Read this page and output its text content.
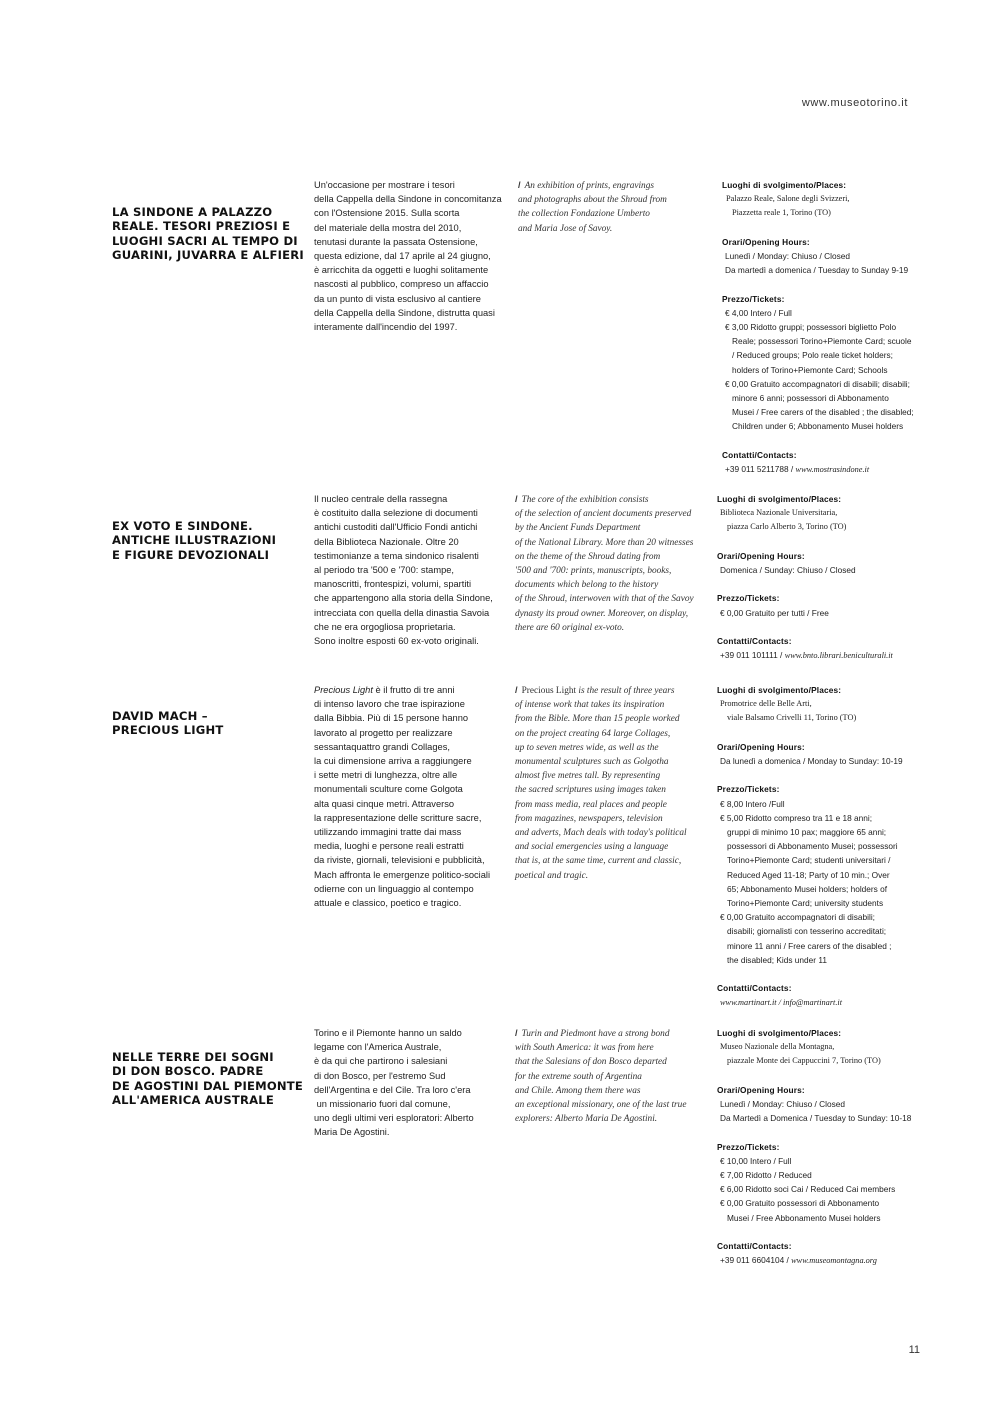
www.museotorino.it
LA SINDONE A PALAZZO
REALE. TESORI PREZIOSI E
LUOGHI SACRI AL TEMPO DI
GUARINI, JUVARRA E ALFIERI
Un'occasione per mostrare i tesori
della Cappella della Sindone in concomitanza
con l'Ostensione 2015. Sulla scorta
del materiale della mostra del 2010,
tenutasi durante la passata Ostensione,
questa edizione, dal 17 aprile al 24 giugno,
è arricchita da oggetti e luoghi solitamente
nascosti al pubblico, compreso un affaccio
da un punto di vista esclusivo al cantiere
della Cappella della Sindone, distrutta quasi
interamente dall'incendio del 1997.
/ An exhibition of prints, engravings
and photographs about the Shroud from
the collection Fondazione Umberto
and Maria Jose of Savoy.
Luoghi di svolgimento/Places:
Palazzo Reale, Salone degli Svizzeri,
Piazzetta reale 1, Torino (TO)
Orari/Opening Hours:
Lunedì / Monday: Chiuso / Closed
Da martedì a domenica / Tuesday to Sunday 9-19
Prezzo/Tickets:
€ 4,00 Intero / Full
€ 3,00 Ridotto gruppi; possessori biglietto Polo
Reale; possessori Torino+Piemonte Card; scuole
/ Reduced groups; Polo reale ticket holders;
holders of Torino+Piemonte Card; Schools
€ 0,00 Gratuito accompagnatori di disabili; disabili;
minore 6 anni; possessori di Abbonamento
Musei / Free carers of the disabled ; the disabled;
Children under 6; Abbonamento Musei holders
Contatti/Contacts:
+39 011 5211788 / www.mostrasindone.it
EX VOTO E SINDONE.
ANTICHE ILLUSTRAZIONI
E FIGURE DEVOZIONALI
Il nucleo centrale della rassegna
è costituito dalla selezione di documenti
antichi custoditi dall'Ufficio Fondi antichi
della Biblioteca Nazionale. Oltre 20
testimonianze a tema sindonico risalenti
al periodo tra '500 e '700: stampe,
manoscritti, frontespizi, volumi, spartiti
che appartengono alla storia della Sindone,
intrecciata con quella della dinastia Savoia
che ne era orgogliosa proprietaria.
Sono inoltre esposti 60 ex-voto originali.
/ The core of the exhibition consists
of the selection of ancient documents preserved
by the Ancient Funds Department
of the National Library. More than 20 witnesses
on the theme of the Shroud dating from
'500 and '700: prints, manuscripts, books,
documents which belong to the history
of the Shroud, interwoven with that of the Savoy
dynasty its proud owner. Moreover, on display,
there are 60 original ex-voto.
Luoghi di svolgimento/Places:
Biblioteca Nazionale Universitaria,
piazza Carlo Alberto 3, Torino (TO)
Orari/Opening Hours:
Domenica / Sunday: Chiuso / Closed
Prezzo/Tickets:
€ 0,00 Gratuito per tutti / Free
Contatti/Contacts:
+39 011 101111 / www.bnto.librari.beniculturali.it
DAVID MACH –
PRECIOUS LIGHT
Precious Light è il frutto di tre anni
di intenso lavoro che trae ispirazione
dalla Bibbia. Più di 15 persone hanno
lavorato al progetto per realizzare
sessantaquattro grandi Collages,
la cui dimensione arriva a raggiungere
i sette metri di lunghezza, oltre alle
monumentali sculture come Golgota
alta quasi cinque metri. Attraverso
la rappresentazione delle scritture sacre,
utilizzando immagini tratte dai mass
media, luoghi e persone reali estratti
da riviste, giornali, televisioni e pubblicità,
Mach affronta le emergenze politico-sociali
odierne con un linguaggio al contempo
attuale e classico, poetico e tragico.
/ Precious Light is the result of three years
of intense work that takes its inspiration
from the Bible. More than 15 people worked
on the project creating 64 large Collages,
up to seven metres wide, as well as the
monumental sculptures such as Golgotha
almost five metres tall. By representing
the sacred scriptures using images taken
from mass media, real places and people
from magazines, newspapers, television
and adverts, Mach deals with today's political
and social emergencies using a language
that is, at the same time, current and classic,
poetical and tragic.
Luoghi di svolgimento/Places:
Promotrice delle Belle Arti,
viale Balsamo Crivelli 11, Torino (TO)
Orari/Opening Hours:
Da lunedì a domenica / Monday to Sunday: 10-19
Prezzo/Tickets:
€ 8,00 Intero /Full
€ 5,00 Ridotto compreso tra 11 e 18 anni;
gruppi di minimo 10 pax; maggiore 65 anni;
possessori di Abbonamento Musei; possessori
Torino+Piemonte Card; studenti universitari /
Reduced Aged 11-18; Party of 10 min.; Over
65; Abbonamento Musei holders; holders of
Torino+Piemonte Card; university students
€ 0,00 Gratuito accompagnatori di disabili;
disabili; giornalisti con tesserino accreditati;
minore 11 anni / Free carers of the disabled ;
the disabled; Kids under 11
Contatti/Contacts:
www.martinart.it / info@martinart.it
NELLE TERRE DEI SOGNI
DI DON BOSCO. PADRE
DE AGOSTINI DAL PIEMONTE
ALL'AMERICA AUSTRALE
Torino e il Piemonte hanno un saldo
legame con l'America Australe,
è da qui che partirono i salesiani
di don Bosco, per l'estremo Sud
dell'Argentina e del Cile. Tra loro c'era
un missionario fuori dal comune,
uno degli ultimi veri esploratori: Alberto
Maria De Agostini.
/ Turin and Piedmont have a strong bond
with South America: it was from here
that the Salesians of don Bosco departed
for the extreme south of Argentina
and Chile. Among them there was
an exceptional missionary, one of the last true
explorers: Alberto Maria De Agostini.
Luoghi di svolgimento/Places:
Museo Nazionale della Montagna,
piazzale Monte dei Cappuccini 7, Torino (TO)
Orari/Opening Hours:
Lunedì / Monday: Chiuso / Closed
Da Martedì a Domenica / Tuesday to Sunday: 10-18
Prezzo/Tickets:
€ 10,00 Intero / Full
€ 7,00 Ridotto / Reduced
€ 6,00 Ridotto soci Cai / Reduced Cai members
€ 0,00 Gratuito possessori di Abbonamento
Musei / Free Abbonamento Musei holders
Contatti/Contacts:
+39 011 6604104 / www.museomontagna.org
11
